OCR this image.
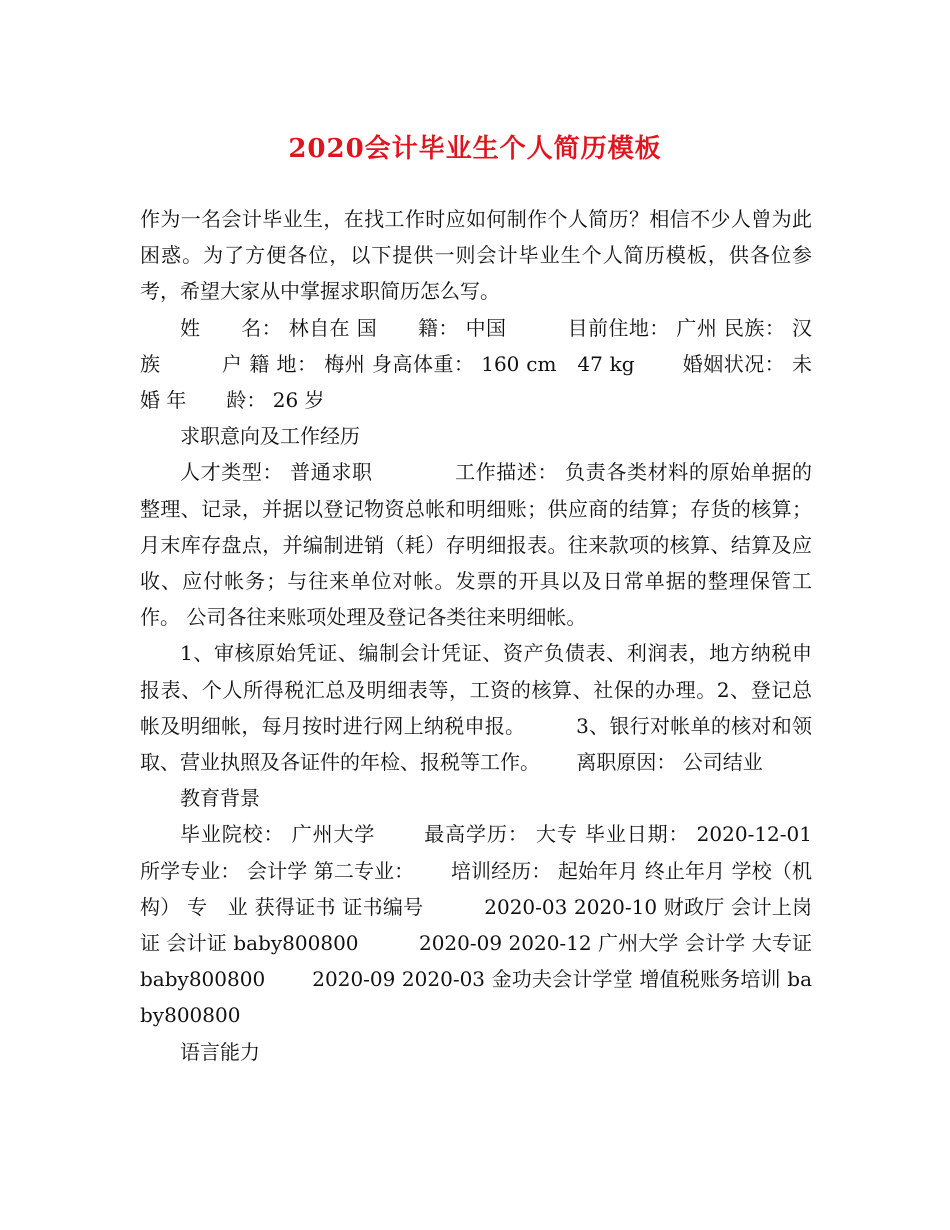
2020会计毕业生个人简历模板

作为一名会计毕业生，在找工作时应如何制作个人简历？相信不少人曾为此困惑。为了方便各位，以下提供一则会计毕业生个人简历模板，供各位参考，希望大家从中掌握求职简历怎么写。

姓　　名： 林自在 国　　籍： 中国　　　目前住地： 广州 民族： 汉族　　　户 籍 地： 梅州 身高体重： 160 cm　47 kg　　 婚姻状况： 未婚 年　　龄： 26 岁

求职意向及工作经历

人才类型： 普通求职　　　　工作描述： 负责各类材料的原始单据的整理、记录，并据以登记物资总帐和明细账；供应商的结算；存货的核算；月末库存盘点，并编制进销（耗）存明细报表。往来款项的核算、结算及应收、应付帐务；与往来单位对帐。发票的开具以及日常单据的整理保管工作。 公司各往来账项处理及登记各类往来明细帐。

1、审核原始凭证、编制会计凭证、资产负债表、利润表，地方纳税申报表、个人所得税汇总及明细表等，工资的核算、社保的办理。2、登记总帐及明细帐，每月按时进行网上纳税申报。　　　3、银行对帐单的核对和领取、营业执照及各证件的年检、报税等工作。　　 离职原因： 公司结业

教育背景

毕业院校： 广州大学　　 最高学历： 大专 毕业日期： 2020-12-01　　 所学专业： 会计学 第二专业：　　 培训经历： 起始年月 终止年月 学校（机构） 专　业 获得证书 证书编号　　　2020-03 2020-10 财政厅 会计上岗证 会计证 baby800800　　　2020-09 2020-12 广州大学 会计学 大专证 baby800800　　 2020-09 2020-03 金功夫会计学堂 增值税账务培训 baby800800

语言能力
